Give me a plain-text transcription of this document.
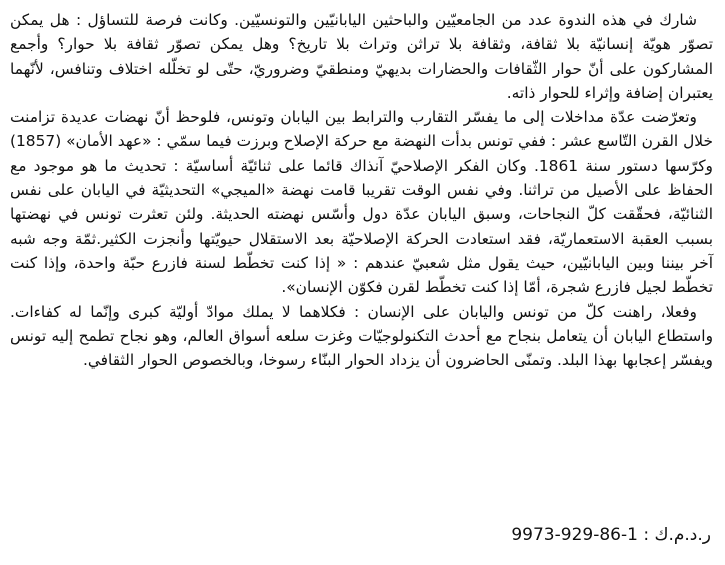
شارك في هذه الندوة عدد من الجامعيّين والباحثين اليابانيّين والتونسيّين. وكانت فرصة للتساؤل : هل يمكن تصوّر هويّة إنسانيّة بلا ثقافة، وثقافة بلا تراثن وتراث بلا تاريخ؟ وهل يمكن تصوّر ثقافة بلا حوار؟ وأجمع المشاركون على أنّ حوار الثّقافات والحضارات بديهيّ ومنطقيّ وضروريّ، حتّى لو تخلّله اختلاف وتنافس، لأنّهما يعتبران إضافة وإثراء للحوار ذاته.

وتعرّضت عدّة مداخلات إلى ما يفسّر التقارب والترابط بين اليابان وتونس، فلوحظ أنّ نهضات عديدة تزامنت خلال القرن التّاسع عشر : ففي تونس بدأت النهضة مع حركة الإصلاح وبرزت فيما سمّي : «عهد الأمان» (1857) وكرّسها دستور سنة 1861. وكان الفكر الإصلاحيّ آنذاك قائما على ثنائيّة أساسيّة : تحديث ما هو موجود مع الحفاظ على الأصيل من تراثنا. وفي نفس الوقت تقريبا قامت نهضة «الميجي» التحديثيّة في اليابان على نفس الثنائيّة، فحقّقت كلّ النجاحات، وسبق اليابان عدّة دول وأسّس نهضته الحديثة. ولئن تعثرت تونس في نهضتها بسبب العقبة الاستعماريّة، فقد استعادت الحركة الإصلاحيّة بعد الاستقلال حيويّتها وأنجزت الكثير.ثمّة وجه شبه آخر بيننا وبين اليابانيّين، حيث يقول مثل شعبيّ عندهم : « إذا كنت تخطّط لسنة فازرع حبّة واحدة، وإذا كنت تخطّط لجيل فازرع شجرة، أمّا إذا كنت تخطّط لقرن فكوّن الإنسان».

وفعلا، راهنت كلّ من تونس واليابان على الإنسان : فكلاهما لا يملك موادّ أوليّة كبرى وإنّما له كفاءات. واستطاع اليابان أن يتعامل بنجاح مع أحدث التكنولوجيّات وغزت سلعه أسواق العالم، وهو نجاح تطمح إليه تونس ويفسّر إعجابها بهذا البلد. وتمنّى الحاضرون أن يزداد الحوار البنّاء رسوخا، وبالخصوص الحوار الثقافي.

ر.د.م.ك : 9973-929-86-1
